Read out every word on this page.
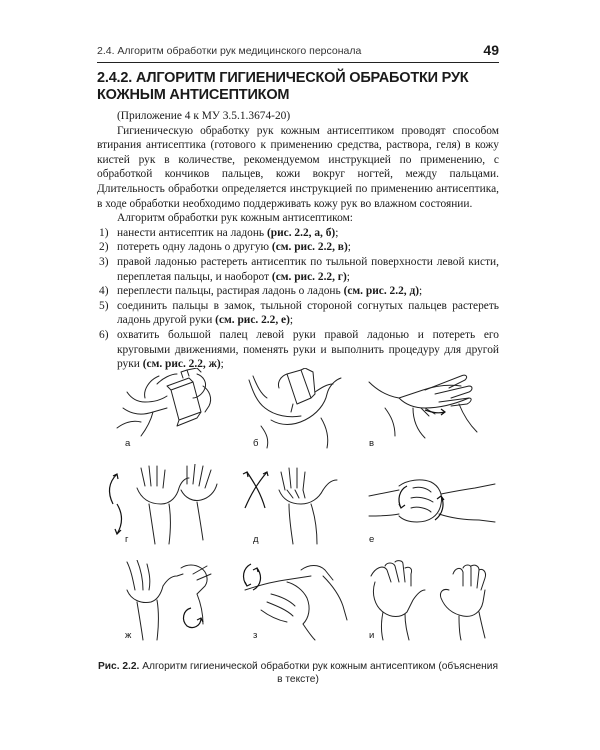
2.4. Алгоритм обработки рук медицинского персонала	49
2.4.2. АЛГОРИТМ ГИГИЕНИЧЕСКОЙ ОБРАБОТКИ РУК
КОЖНЫМ АНТИСЕПТИКОМ

(Приложение 4 к МУ 3.5.1.3674-20)

Гигиеническую обработку рук кожным антисептиком проводят способом втирания антисептика (готового к применению средства, раствора, геля) в кожу кистей рук в количестве, рекомендуемом инструкцией по применению, с обработкой кончиков пальцев, кожи вокруг ногтей, между пальцами. Длительность обработки определяется инструкцией по применению антисептика, в ходе обработки необходимо поддерживать кожу рук во влажном состоянии.

Алгоритм обработки рук кожным антисептиком:

1) нанести антисептик на ладонь (рис. 2.2, а, б);
2) потереть одну ладонь о другую (см. рис. 2.2, в);
3) правой ладонью растереть антисептик по тыльной поверхности левой кисти, переплетая пальцы, и наоборот (см. рис. 2.2, г);
4) переплести пальцы, растирая ладонь о ладонь (см. рис. 2.2, д);
5) соединить пальцы в замок, тыльной стороной согнутых пальцев растереть ладонь другой руки (см. рис. 2.2, е);
6) охватить большой палец левой руки правой ладонью и потереть его круговыми движениями, поменять руки и выполнить процедуру для другой руки (см. рис. 2.2, ж);
а	б	в
г	д	е
ж	з	и
Рис. 2.2. Алгоритм гигиенической обработки рук кожным антисептиком (объяснения в тексте)
